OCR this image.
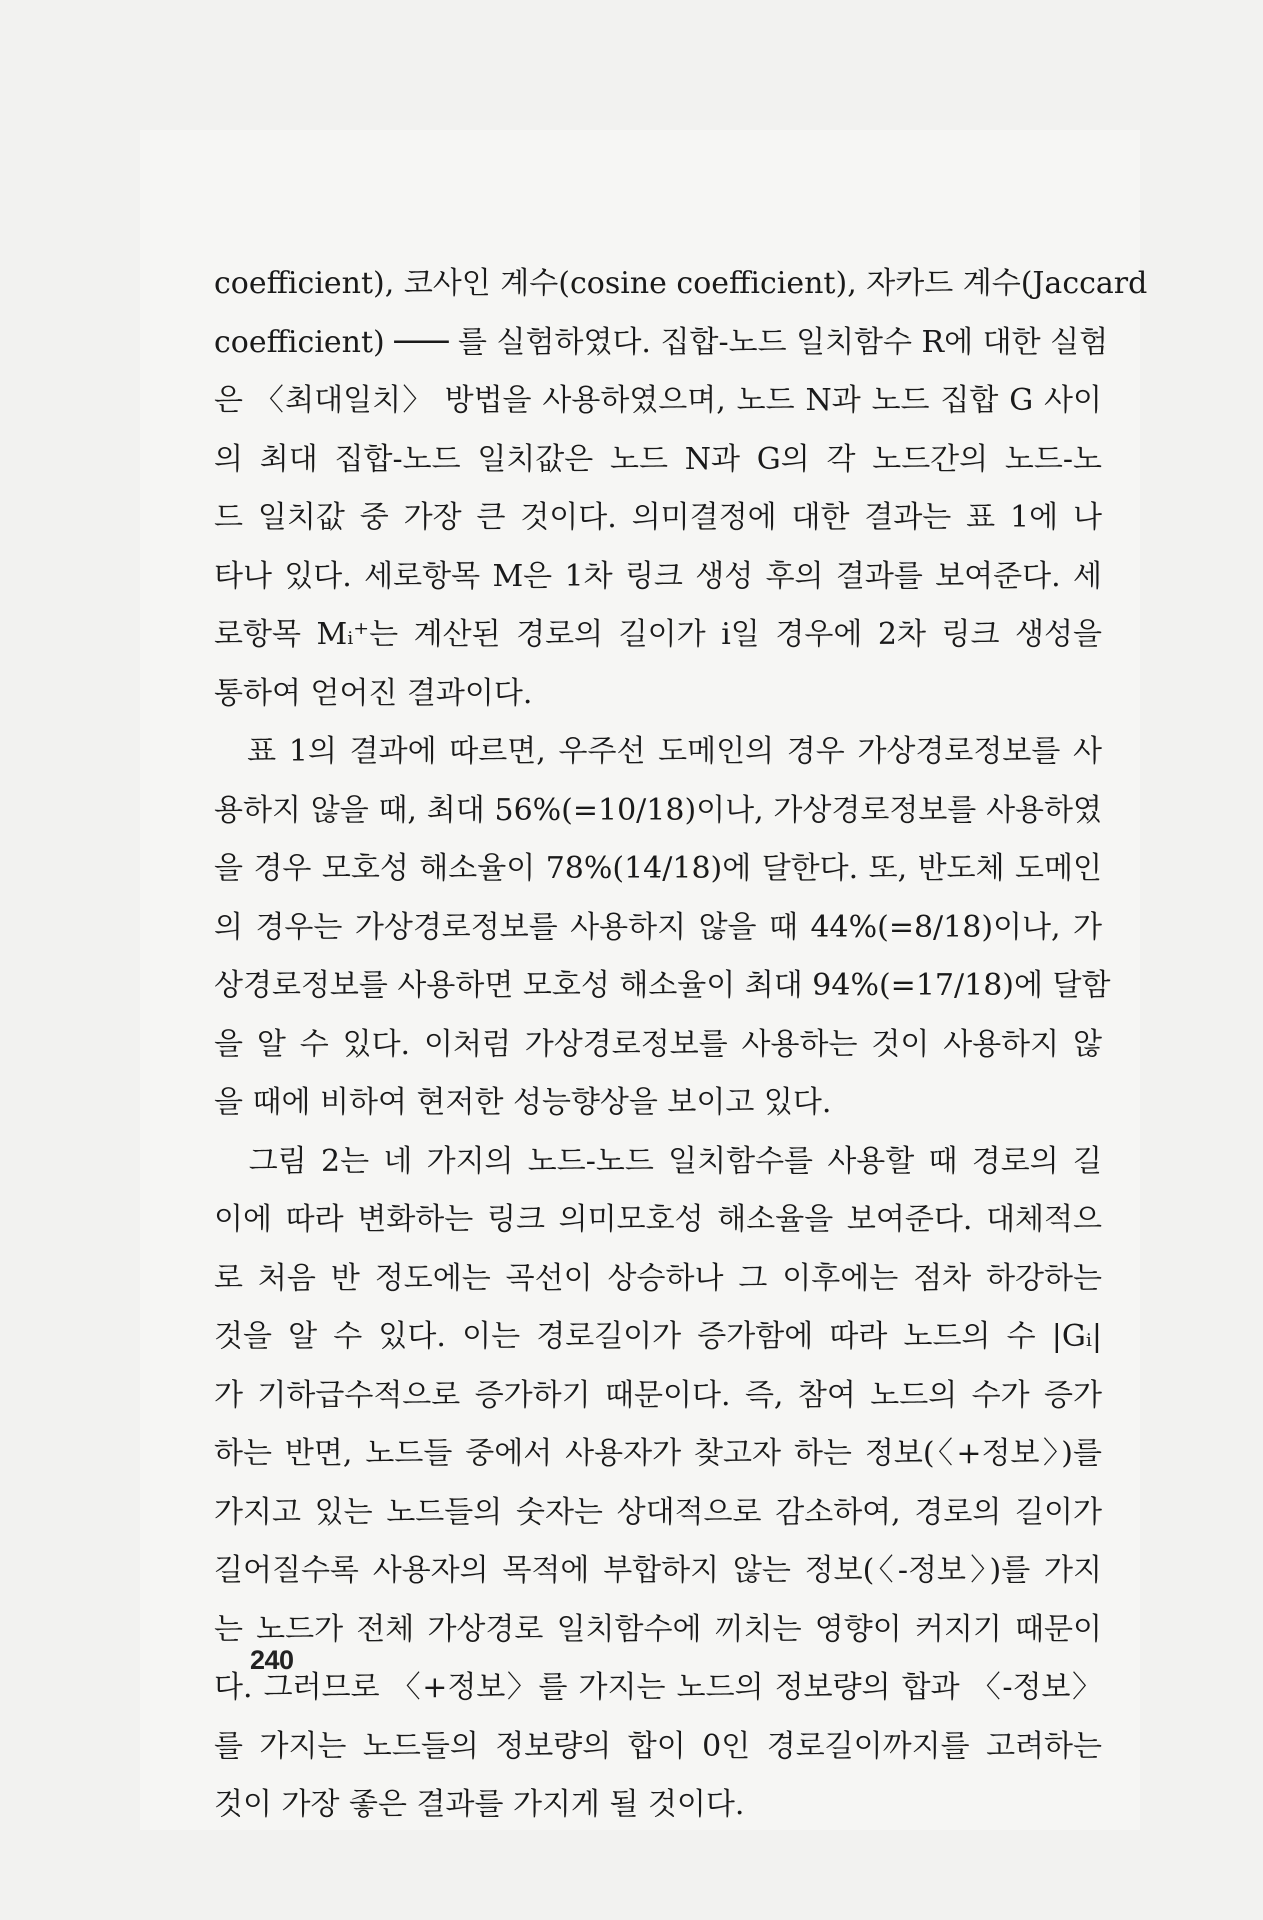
coefficient), 코사인 계수(cosine coefficient), 자카드 계수(Jaccard
coefficient) ─── 를 실험하였다. 집합-노드 일치함수 R에 대한 실험
은 〈최대일치〉 방법을 사용하였으며, 노드 N과 노드 집합 G 사이
의 최대 집합-노드 일치값은 노드 N과 G의 각 노드간의 노드-노
드 일치값 중 가장 큰 것이다. 의미결정에 대한 결과는 표 1에 나
타나 있다. 세로항목 M은 1차 링크 생성 후의 결과를 보여준다. 세
로항목 Mᵢ⁺는 계산된 경로의 길이가 i일 경우에 2차 링크 생성을
통하여 얻어진 결과이다.
　표 1의 결과에 따르면, 우주선 도메인의 경우 가상경로정보를 사
용하지 않을 때, 최대 56%(=10/18)이나, 가상경로정보를 사용하였
을 경우 모호성 해소율이 78%(14/18)에 달한다. 또, 반도체 도메인
의 경우는 가상경로정보를 사용하지 않을 때 44%(=8/18)이나, 가
상경로정보를 사용하면 모호성 해소율이 최대 94%(=17/18)에 달함
을 알 수 있다. 이처럼 가상경로정보를 사용하는 것이 사용하지 않
을 때에 비하여 현저한 성능향상을 보이고 있다.
　그림 2는 네 가지의 노드-노드 일치함수를 사용할 때 경로의 길
이에 따라 변화하는 링크 의미모호성 해소율을 보여준다. 대체적으
로 처음 반 정도에는 곡선이 상승하나 그 이후에는 점차 하강하는
것을 알 수 있다. 이는 경로길이가 증가함에 따라 노드의 수 |Gᵢ|
가 기하급수적으로 증가하기 때문이다. 즉, 참여 노드의 수가 증가
하는 반면, 노드들 중에서 사용자가 찾고자 하는 정보(〈+정보〉)를
가지고 있는 노드들의 숫자는 상대적으로 감소하여, 경로의 길이가
길어질수록 사용자의 목적에 부합하지 않는 정보(〈-정보〉)를 가지
는 노드가 전체 가상경로 일치함수에 끼치는 영향이 커지기 때문이
다. 그러므로 〈+정보〉를 가지는 노드의 정보량의 합과 〈-정보〉
를 가지는 노드들의 정보량의 합이 0인 경로길이까지를 고려하는
것이 가장 좋은 결과를 가지게 될 것이다.
240
